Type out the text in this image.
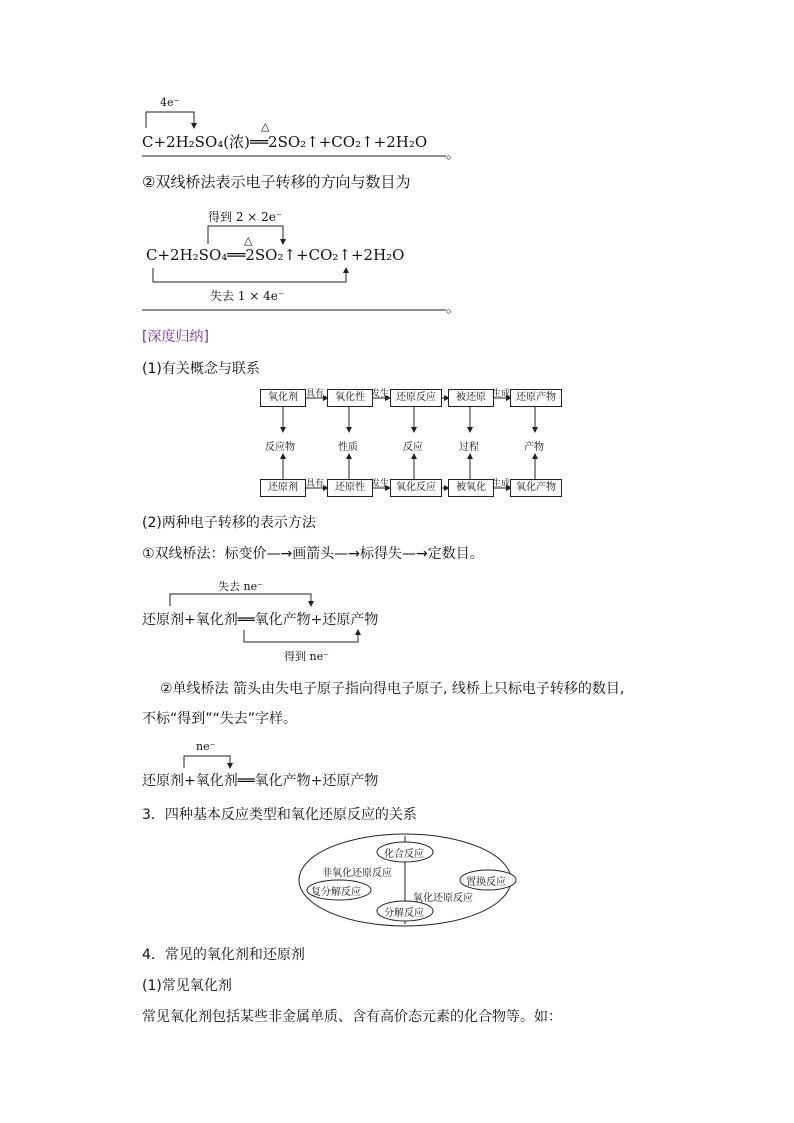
4e⁻
△
C+2H₂SO₄(浓)══2SO₂↑+CO₂↑+2H₂O
。
②双线桥法表示电子转移的方向与数目为
得到 2 × 2e⁻
△
C+2H₂SO₄══2SO₂↑+CO₂↑+2H₂O
失去 1 × 4e⁻
。
[深度归纳]
(1)有关概念与联系
氧化剂	氧化性	还原反应	被还原	还原产物
具有	发生	生成
反应物	性质	反应	过程	产物
还原剂	还原性	氧化反应	被氧化	氧化产物
具有	发生	生成
(2)两种电子转移的表示方法
①双线桥法：标变价—→画箭头—→标得失—→定数目。
失去 ne⁻
还原剂+氧化剂══氧化产物+还原产物
得到 ne⁻
②单线桥法 箭头由失电子原子指向得电子原子, 线桥上只标电子转移的数目,
不标“得到”“失去”字样。
ne⁻
还原剂+氧化剂══氧化产物+还原产物
3．四种基本反应类型和氧化还原反应的关系
化合反应
非氧化还原反应
复分解反应
氧化还原反应
置换反应
分解反应
4．常见的氧化剂和还原剂
(1)常见氧化剂
常见氧化剂包括某些非金属单质、含有高价态元素的化合物等。如：
